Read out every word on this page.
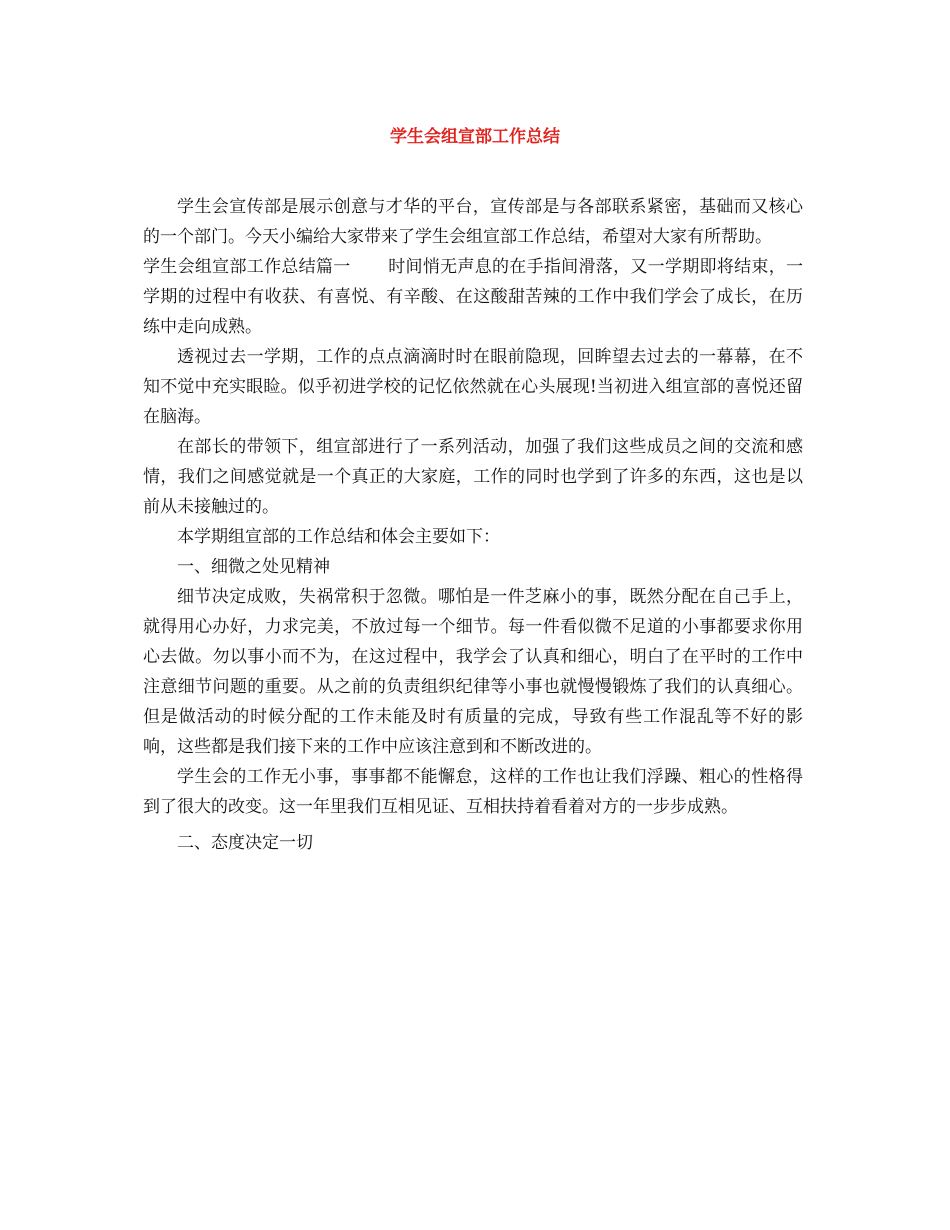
学生会组宣部工作总结

学生会宣传部是展示创意与才华的平台，宣传部是与各部联系紧密，基础而又核心的一个部门。今天小编给大家带来了学生会组宣部工作总结，希望对大家有所帮助。

学生会组宣部工作总结篇一 时间悄无声息的在手指间滑落，又一学期即将结束，一学期的过程中有收获、有喜悦、有辛酸、在这酸甜苦辣的工作中我们学会了成长，在历练中走向成熟。

透视过去一学期，工作的点点滴滴时时在眼前隐现，回眸望去过去的一幕幕，在不知不觉中充实眼睑。似乎初进学校的记忆依然就在心头展现!当初进入组宣部的喜悦还留在脑海。

在部长的带领下，组宣部进行了一系列活动，加强了我们这些成员之间的交流和感情，我们之间感觉就是一个真正的大家庭，工作的同时也学到了许多的东西，这也是以前从未接触过的。

本学期组宣部的工作总结和体会主要如下：

一、细微之处见精神

细节决定成败，失祸常积于忽微。哪怕是一件芝麻小的事，既然分配在自己手上，就得用心办好，力求完美，不放过每一个细节。每一件看似微不足道的小事都要求你用心去做。勿以事小而不为，在这过程中，我学会了认真和细心，明白了在平时的工作中注意细节问题的重要。从之前的负责组织纪律等小事也就慢慢锻炼了我们的认真细心。但是做活动的时候分配的工作未能及时有质量的完成，导致有些工作混乱等不好的影响，这些都是我们接下来的工作中应该注意到和不断改进的。

学生会的工作无小事，事事都不能懈怠，这样的工作也让我们浮躁、粗心的性格得到了很大的改变。这一年里我们互相见证、互相扶持着看着对方的一步步成熟。

二、态度决定一切
